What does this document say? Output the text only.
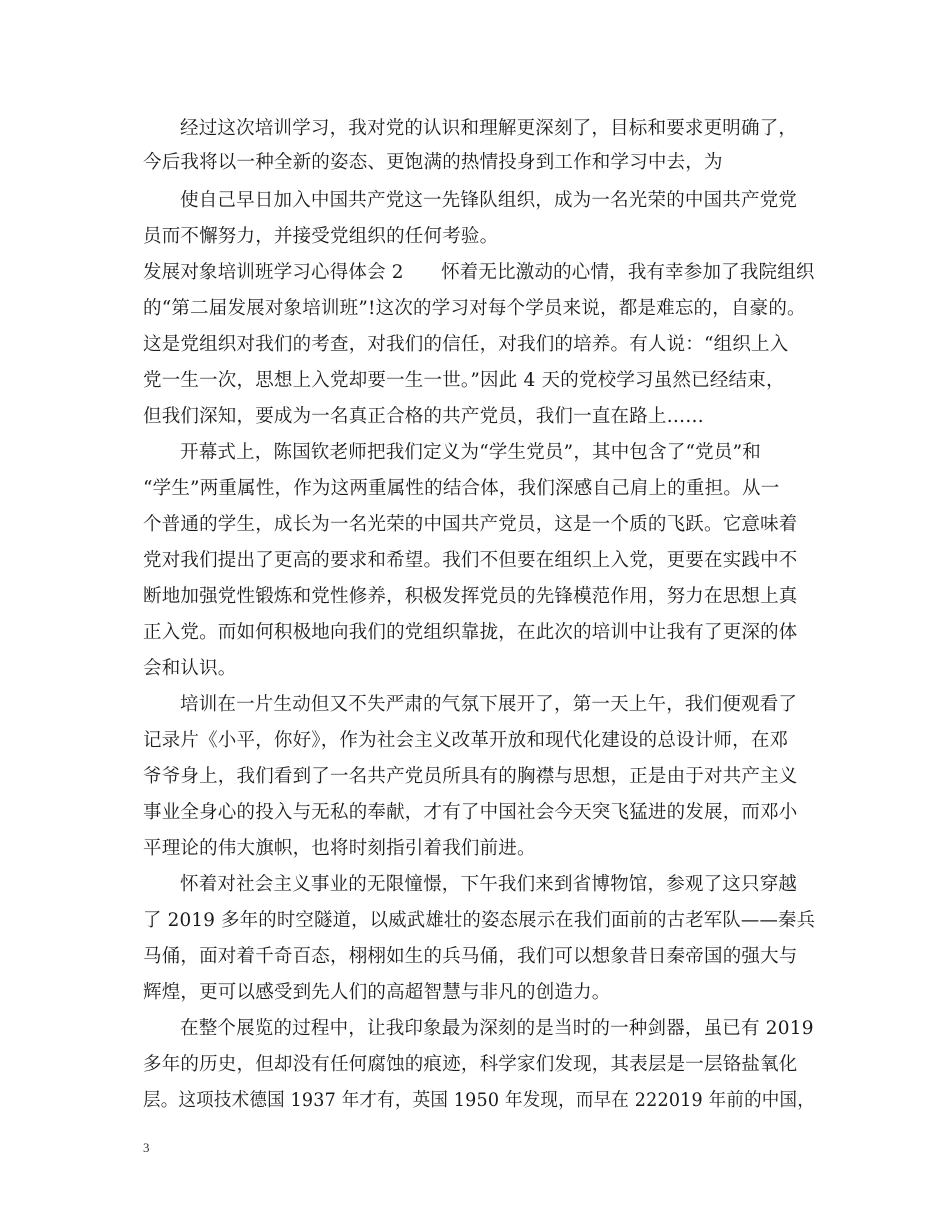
经过这次培训学习，我对党的认识和理解更深刻了，目标和要求更明确了，
今后我将以一种全新的姿态、更饱满的热情投身到工作和学习中去，为
使自己早日加入中国共产党这一先锋队组织，成为一名光荣的中国共产党党
员而不懈努力，并接受党组织的任何考验。
发展对象培训班学习心得体会 2　　怀着无比激动的心情，我有幸参加了我院组织
的“第二届发展对象培训班”!这次的学习对每个学员来说，都是难忘的，自豪的。
这是党组织对我们的考查，对我们的信任，对我们的培养。有人说：“组织上入
党一生一次，思想上入党却要一生一世。”因此 4 天的党校学习虽然已经结束，
但我们深知，要成为一名真正合格的共产党员，我们一直在路上……
开幕式上，陈国钦老师把我们定义为“学生党员”，其中包含了“党员”和
“学生”两重属性，作为这两重属性的结合体，我们深感自己肩上的重担。从一
个普通的学生，成长为一名光荣的中国共产党员，这是一个质的飞跃。它意味着
党对我们提出了更高的要求和希望。我们不但要在组织上入党，更要在实践中不
断地加强党性锻炼和党性修养，积极发挥党员的先锋模范作用，努力在思想上真
正入党。而如何积极地向我们的党组织靠拢，在此次的培训中让我有了更深的体
会和认识。
培训在一片生动但又不失严肃的气氛下展开了，第一天上午，我们便观看了
记录片《小平，你好》，作为社会主义改革开放和现代化建设的总设计师，在邓
爷爷身上，我们看到了一名共产党员所具有的胸襟与思想，正是由于对共产主义
事业全身心的投入与无私的奉献，才有了中国社会今天突飞猛进的发展，而邓小
平理论的伟大旗帜，也将时刻指引着我们前进。
怀着对社会主义事业的无限憧憬，下午我们来到省博物馆，参观了这只穿越
了 2019 多年的时空隧道，以威武雄壮的姿态展示在我们面前的古老军队——秦兵
马俑，面对着千奇百态，栩栩如生的兵马俑，我们可以想象昔日秦帝国的强大与
辉煌，更可以感受到先人们的高超智慧与非凡的创造力。
在整个展览的过程中，让我印象最为深刻的是当时的一种剑器，虽已有 2019
多年的历史，但却没有任何腐蚀的痕迹，科学家们发现，其表层是一层铬盐氧化
层。这项技术德国 1937 年才有，英国 1950 年发现，而早在 222019 年前的中国，
3
